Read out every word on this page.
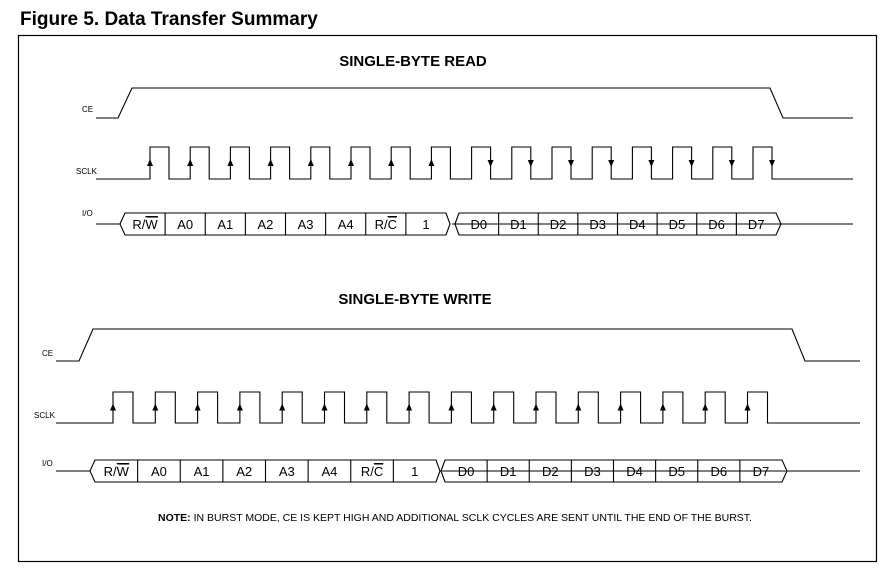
Figure 5. Data Transfer Summary
SINGLE-BYTE READ
CE
SCLK
I/O
R/W A0 A1 A2 A3 A4 R/C 1	D0 D1 D2 D3 D4 D5 D6 D7
SINGLE-BYTE WRITE
CE
SCLK
I/O
R/W A0 A1 A2 A3 A4 R/C 1	D0 D1 D2 D3 D4 D5 D6 D7
NOTE: IN BURST MODE, CE IS KEPT HIGH AND ADDITIONAL SCLK CYCLES ARE SENT UNTIL THE END OF THE BURST.
